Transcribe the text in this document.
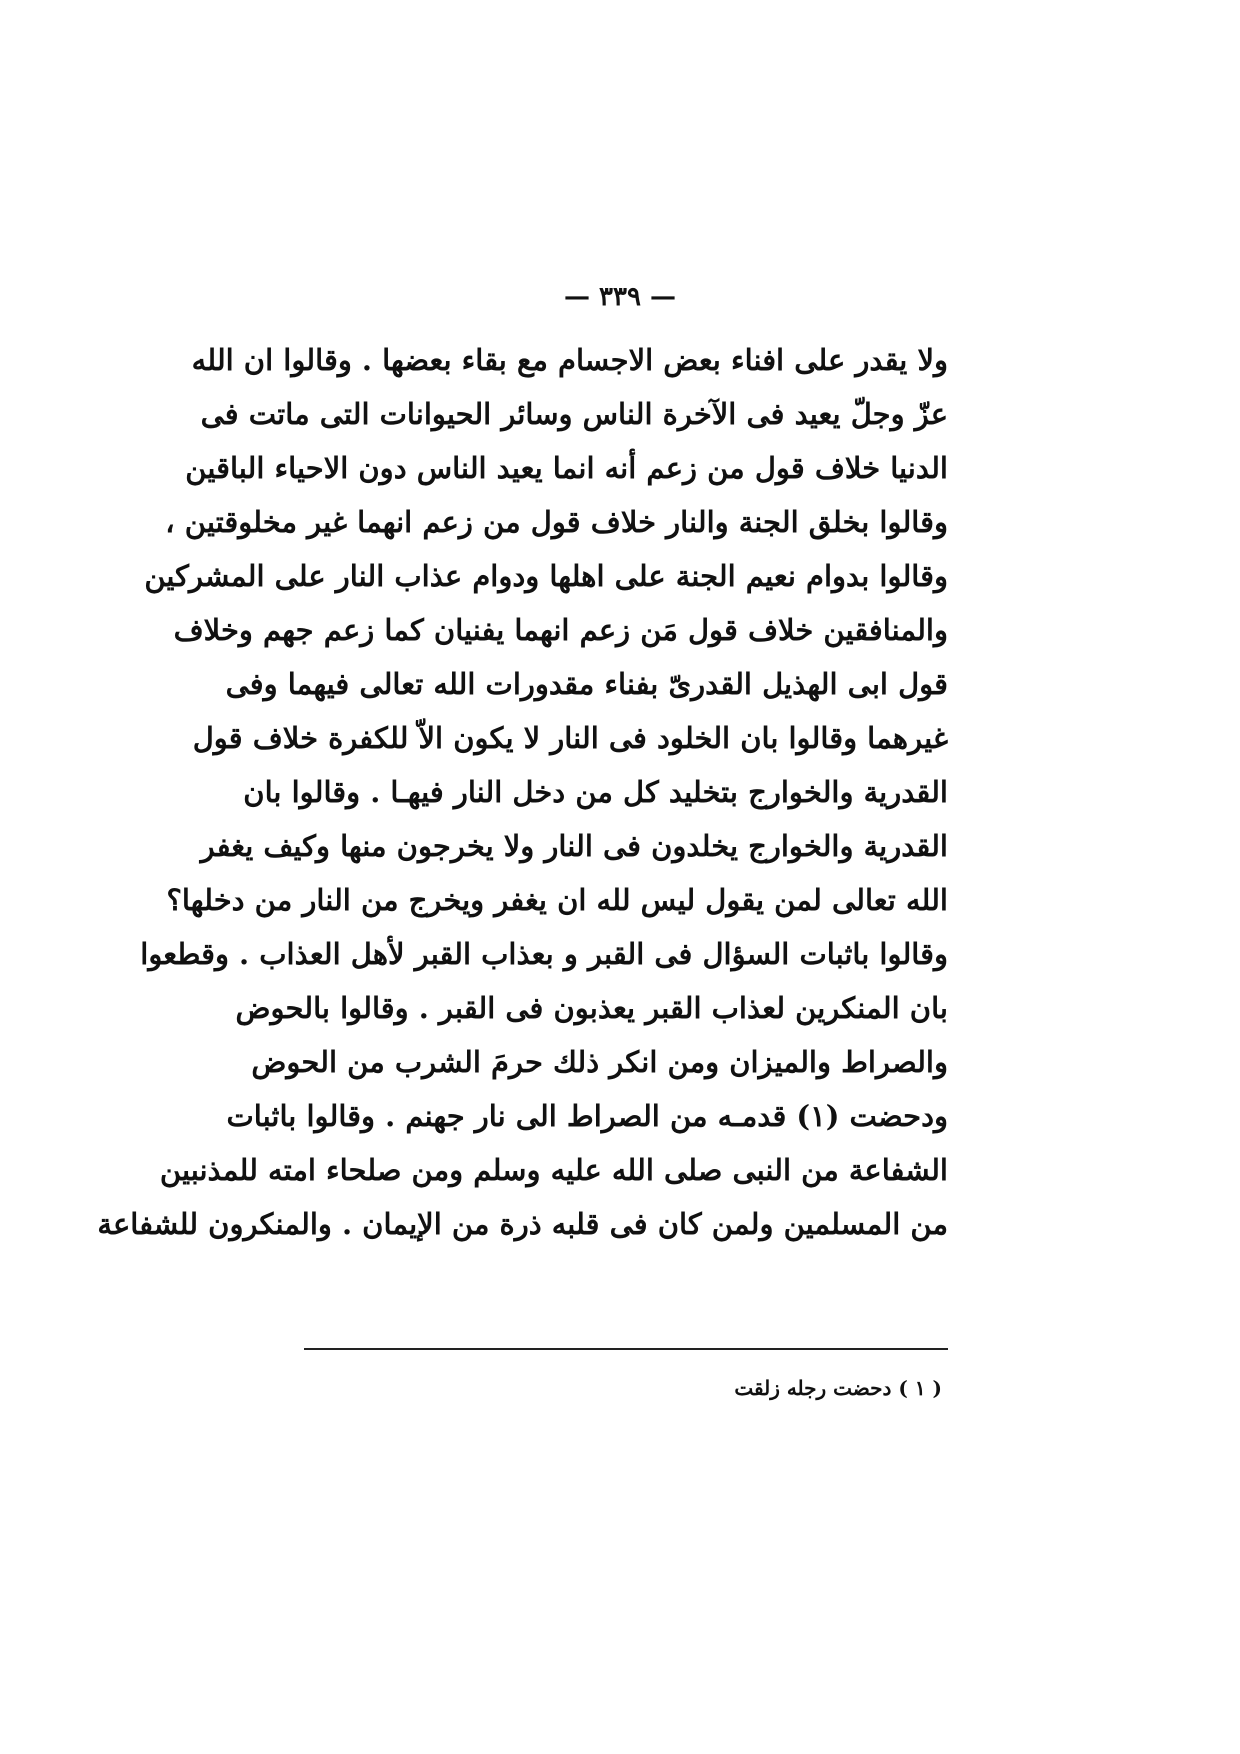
— ٣٣٩ —
ولا يقدر على افناء بعض الاجسام مع بقاء بعضها . وقالوا ان الله
عزّ وجلّ يعيد فى الآخرة الناس وسائر الحيوانات التى ماتت فى
الدنيا خلاف قول من زعم أنه انما يعيد الناس دون الاحياء الباقين
وقالوا بخلق الجنة والنار خلاف قول من زعم انهما غير مخلوقتين ،
وقالوا بدوام نعيم الجنة على اهلها ودوام عذاب النار على المشركين
والمنافقين خلاف قول مَن زعم انهما يفنيان كما زعم جهم وخلاف
قول ابى الهذيل القدرىّ بفناء مقدورات الله تعالى فيهما وفى
غيرهما وقالوا بان الخلود فى النار لا يكون الاّ للكفرة خلاف قول
القدرية والخوارج بتخليد كل من دخل النار فيهـا . وقالوا بان
القدرية والخوارج يخلدون فى النار ولا يخرجون منها وكيف يغفر
الله تعالى لمن يقول ليس لله ان يغفر ويخرج من النار من دخلها؟
وقالوا باثبات السؤال فى القبر و بعذاب القبر لأهل العذاب . وقطعوا
بان المنكرين لعذاب القبر يعذبون فى القبر . وقالوا بالحوض
والصراط والميزان ومن انكر ذلك حرمَ الشرب من الحوض
ودحضت (١) قدمـه من الصراط الى نار جهنم . وقالوا باثبات
الشفاعة من النبى صلى الله عليه وسلم ومن صلحاء امته للمذنبين
من المسلمين ولمن كان فى قلبه ذرة من الإيمان . والمنكرون للشفاعة
( ١ ) دحضت رجله زلقت
